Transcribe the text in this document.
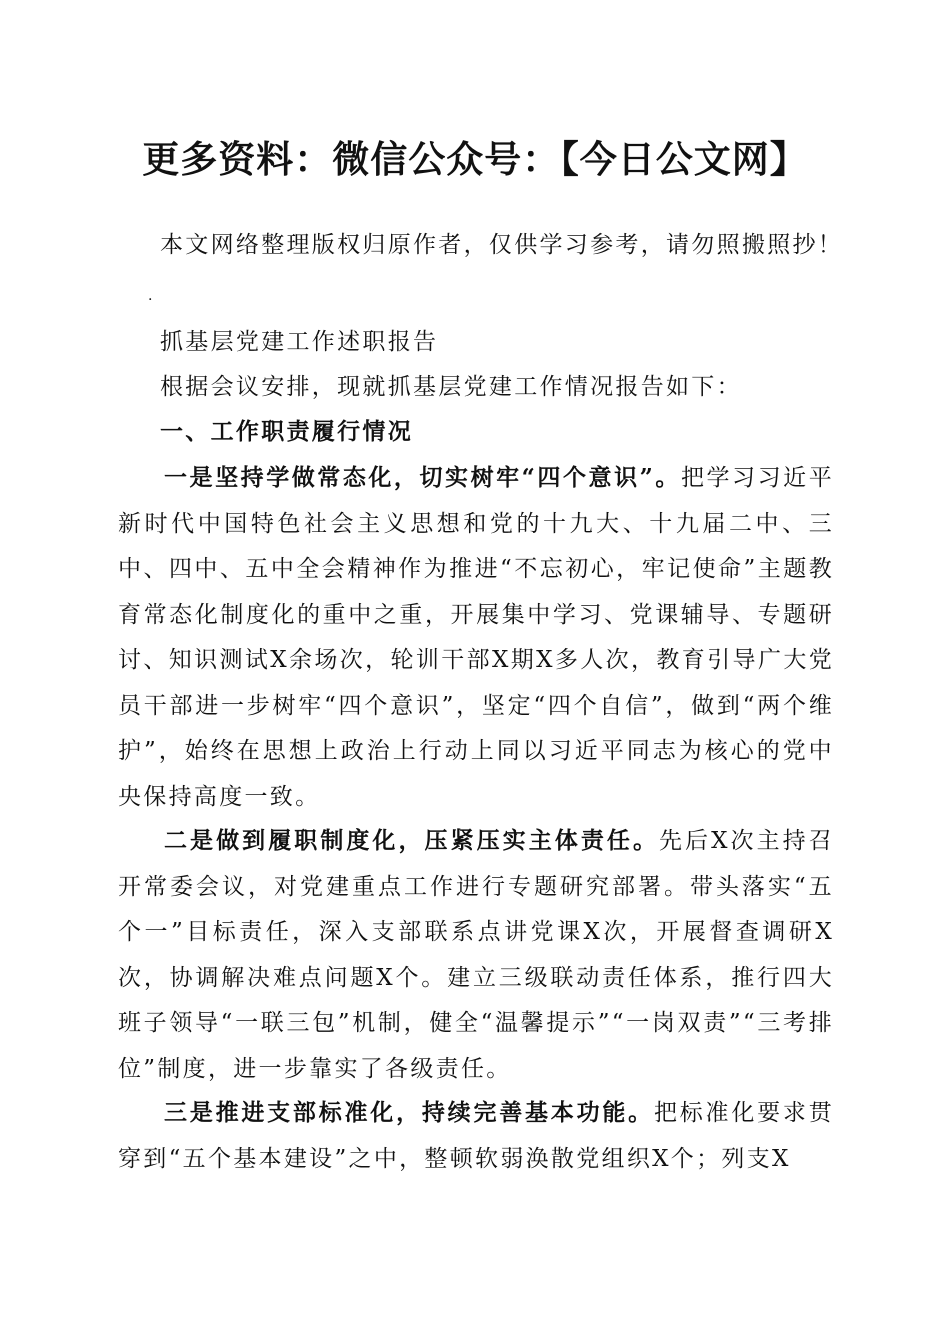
更多资料：微信公众号：【今日公文网】
本文网络整理版权归原作者，仅供学习参考，请勿照搬照抄！
.
抓基层党建工作述职报告
根据会议安排，现就抓基层党建工作情况报告如下：
一、工作职责履行情况
一是坚持学做常态化，切实树牢“四个意识”。把学习习近平新时代中国特色社会主义思想和党的十九大、十九届二中、三中、四中、五中全会精神作为推进“不忘初心，牢记使命”主题教育常态化制度化的重中之重，开展集中学习、党课辅导、专题研讨、知识测试X余场次，轮训干部X期X多人次，教育引导广大党员干部进一步树牢“四个意识”，坚定“四个自信”，做到“两个维护”，始终在思想上政治上行动上同以习近平同志为核心的党中央保持高度一致。
二是做到履职制度化，压紧压实主体责任。先后X次主持召开常委会议，对党建重点工作进行专题研究部署。带头落实“五个一”目标责任，深入支部联系点讲党课X次，开展督查调研X次，协调解决难点问题X个。建立三级联动责任体系，推行四大班子领导“一联三包”机制，健全“温馨提示”“一岗双责”“三考排位”制度，进一步靠实了各级责任。
三是推进支部标准化，持续完善基本功能。把标准化要求贯穿到“五个基本建设”之中，整顿软弱涣散党组织X个；列支X
